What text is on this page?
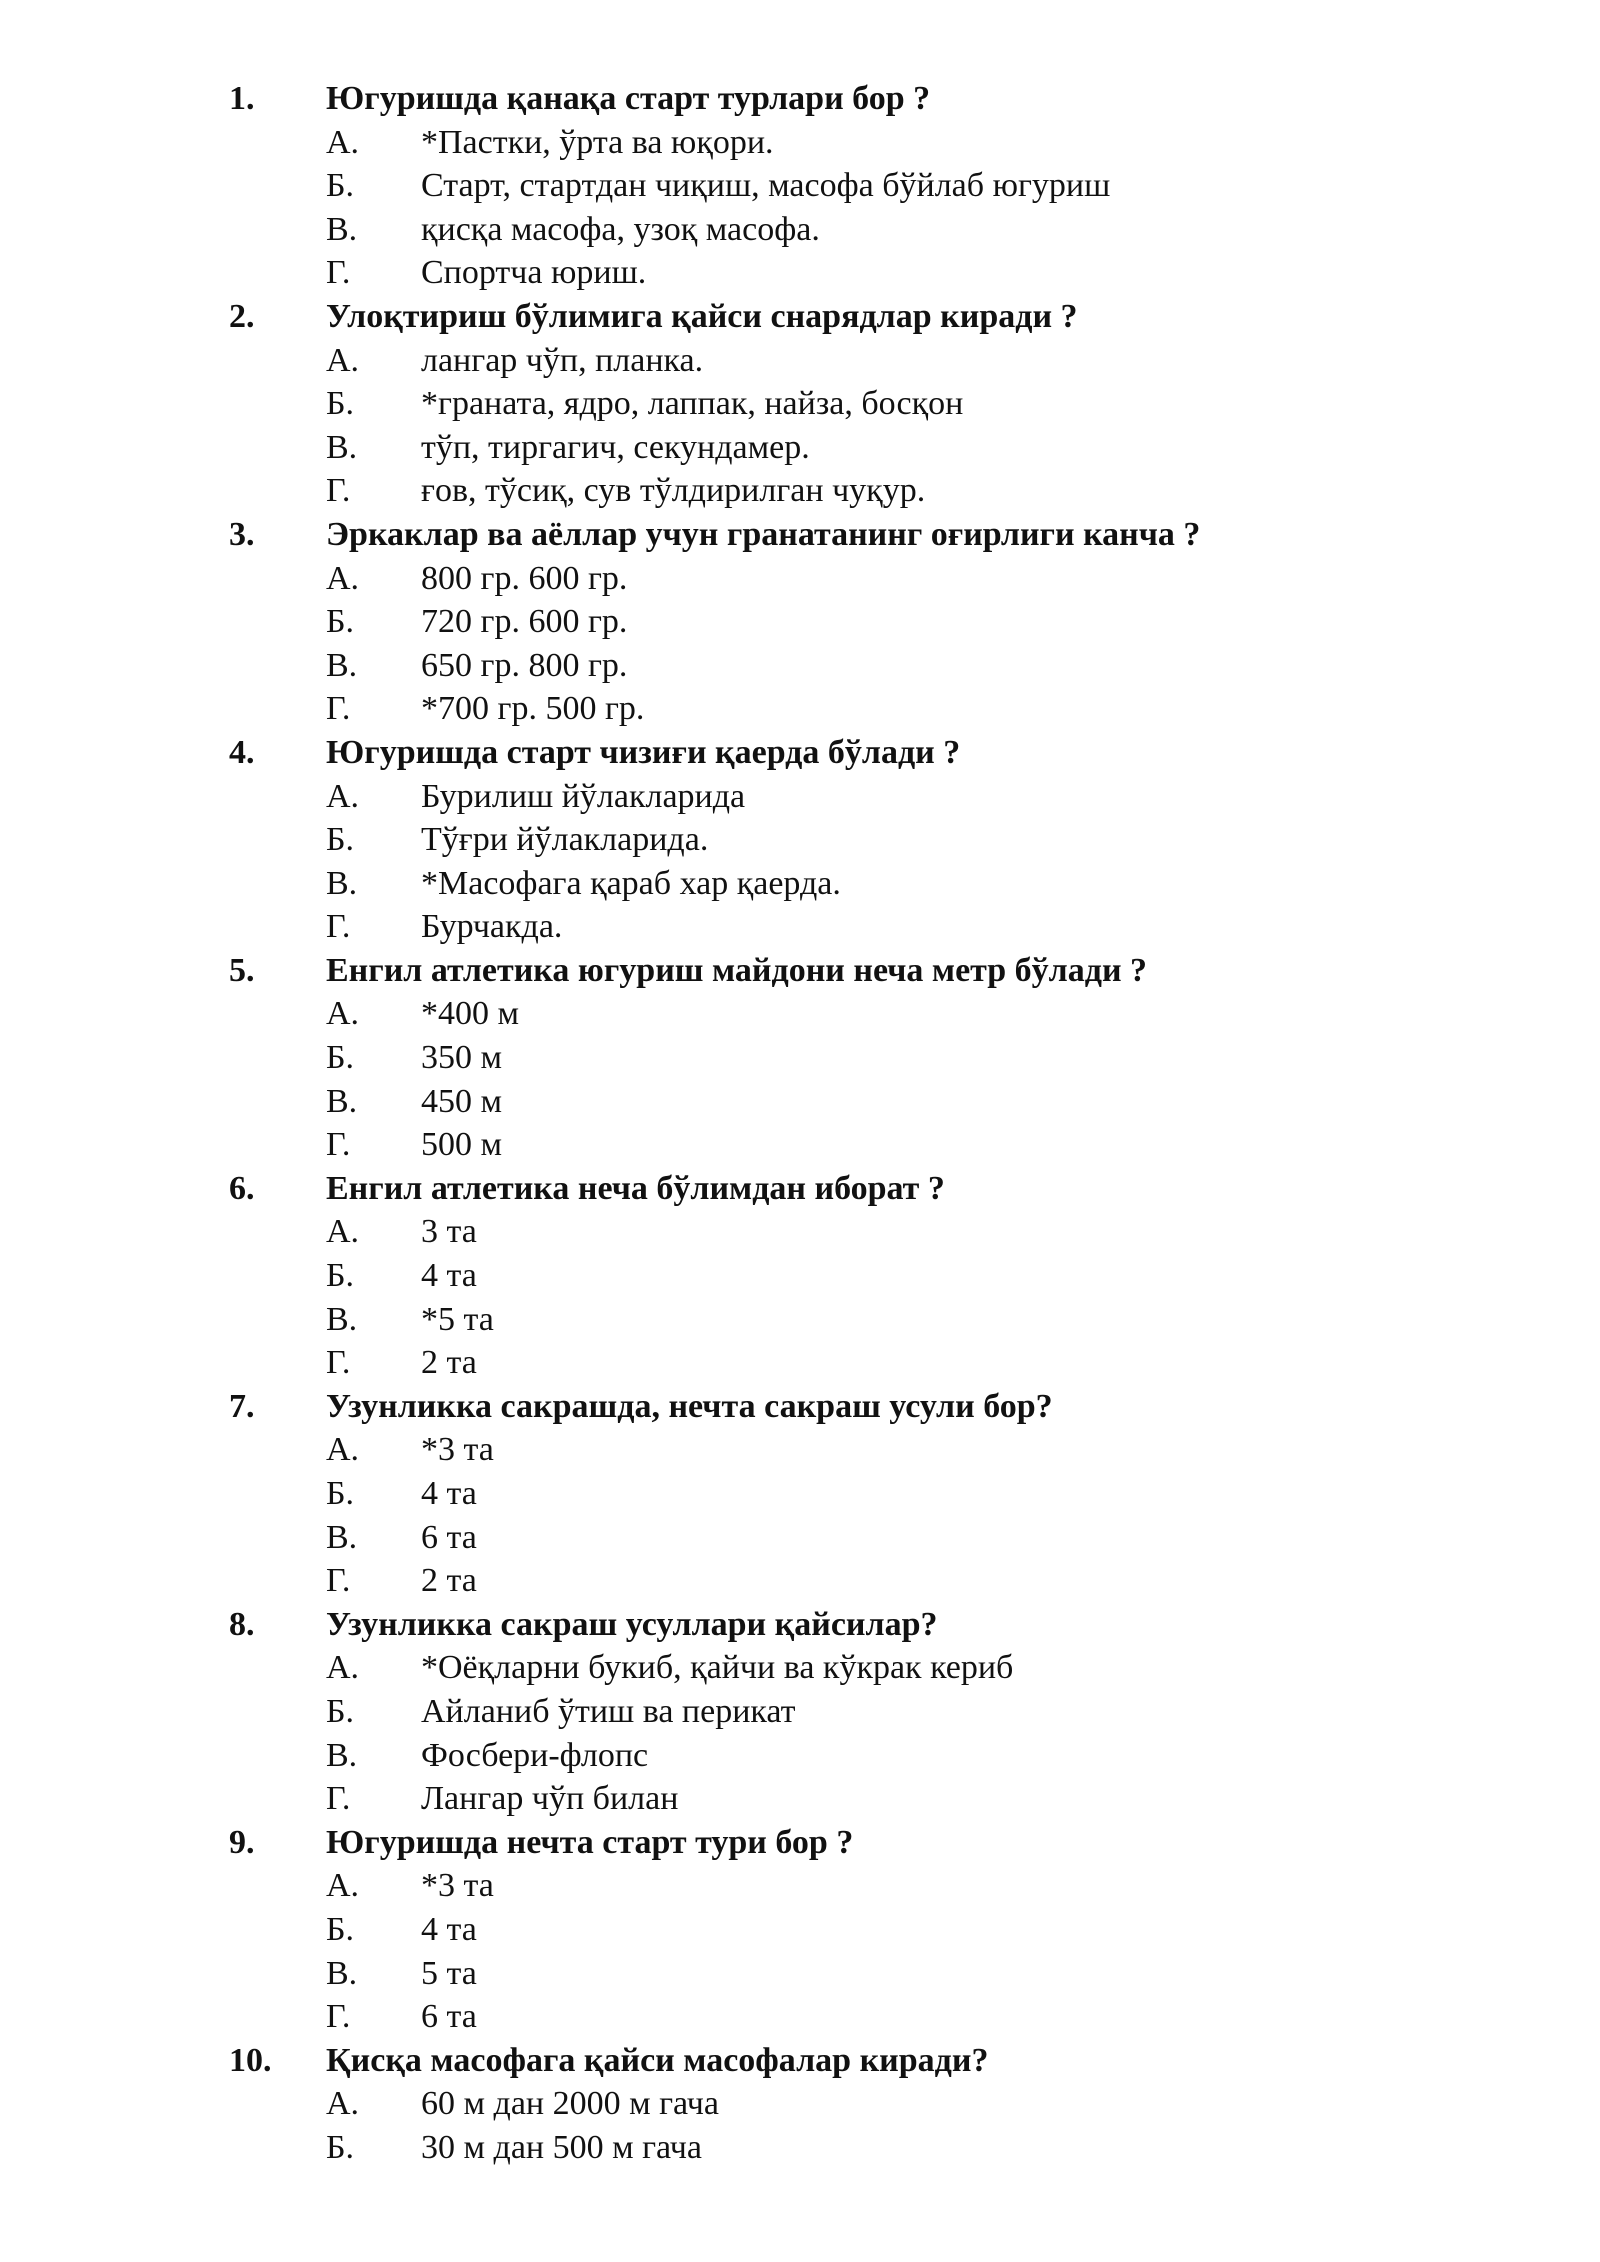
1. Югуришда қанақа старт турлари бор ?
А. *Пастки, ўрта ва юқори.
Б. Старт, стартдан чиқиш, масофа бўйлаб югуриш
В. қисқа масофа, узоқ масофа.
Г. Спортча юриш.
2. Улоқтириш бўлимига қайси снарядлар киради ?
А. лангар чўп, планка.
Б. *граната, ядро, лаппак, найза, босқон
В. тўп, тиргагич, секундамер.
Г. ғов, тўсиқ, сув тўлдирилган чуқур.
3. Эркаклар ва аёллар учун гранатанинг оғирлиги канча ?
А. 800 гр. 600 гр.
Б. 720 гр. 600 гр.
В. 650 гр. 800 гр.
Г. *700 гр. 500 гр.
4. Югуришда старт чизиғи қаерда бўлади ?
А. Бурилиш йўлакларида
Б. Тўғри йўлакларида.
В. *Масофага қараб хар қаерда.
Г. Бурчакда.
5. Енгил атлетика югуриш майдони неча метр бўлади ?
А. *400 м
Б. 350 м
В. 450 м
Г. 500 м
6. Енгил атлетика неча бўлимдан иборат ?
А. 3 та
Б. 4 та
В. *5 та
Г. 2 та
7. Узунликка сакрашда, нечта сакраш усули бор?
А. *3 та
Б. 4 та
В. 6 та
Г. 2 та
8. Узунликка сакраш усуллари қайсилар?
А. *Оёқларни букиб, қайчи ва кўкрак кериб
Б. Айланиб ўтиш ва перикат
В. Фосбери-флопс
Г. Лангар чўп билан
9. Югуришда нечта старт тури бор ?
А. *3 та
Б. 4 та
В. 5 та
Г. 6 та
10. Қисқа масофага қайси масофалар киради?
А. 60 м дан 2000 м гача
Б. 30 м дан 500 м гача
